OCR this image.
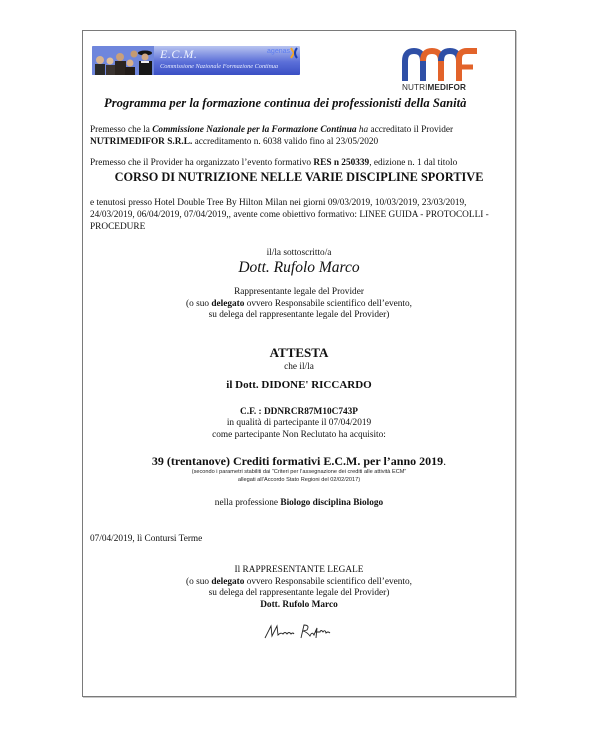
E.C.M.
Commissione Nazionale Formazione Continua
agenas
NUTRIMEDIFOR
Programma per la formazione continua dei professionisti della Sanità
Premesso che la Commissione Nazionale per la Formazione Continua ha accreditato il Provider NUTRIMEDIFOR S.R.L. accreditamento n. 6038 valido fino al 23/05/2020
Premesso che il Provider ha organizzato l’evento formativo RES n 250339, edizione n. 1 dal titolo
CORSO DI NUTRIZIONE NELLE VARIE DISCIPLINE SPORTIVE
e tenutosi presso Hotel Double Tree By Hilton Milan nei giorni 09/03/2019, 10/03/2019, 23/03/2019, 24/03/2019, 06/04/2019, 07/04/2019,, avente come obiettivo formativo: LINEE GUIDA - PROTOCOLLI - PROCEDURE
il/la sottoscritto/a
Dott. Rufolo Marco
Rappresentante legale del Provider
(o suo delegato ovvero Responsabile scientifico dell’evento,
su delega del rappresentante legale del Provider)
ATTESTA
che il/la
il Dott. DIDONE' RICCARDO
C.F. : DDNRCR87M10C743P
in qualità di partecipante il 07/04/2019
come partecipante Non Reclutato ha acquisito:
39 (trentanove) Crediti formativi E.C.M. per l’anno 2019.
(secondo i parametri stabiliti dai “Criteri per l’assegnazione dei crediti alle attività ECM”
allegati all’Accordo Stato Regioni del 02/02/2017)
nella professione Biologo disciplina Biologo
07/04/2019, lì Contursi Terme
Il RAPPRESENTANTE LEGALE
(o suo delegato ovvero Responsabile scientifico dell’evento,
su delega del rappresentante legale del Provider)
Dott. Rufolo Marco
